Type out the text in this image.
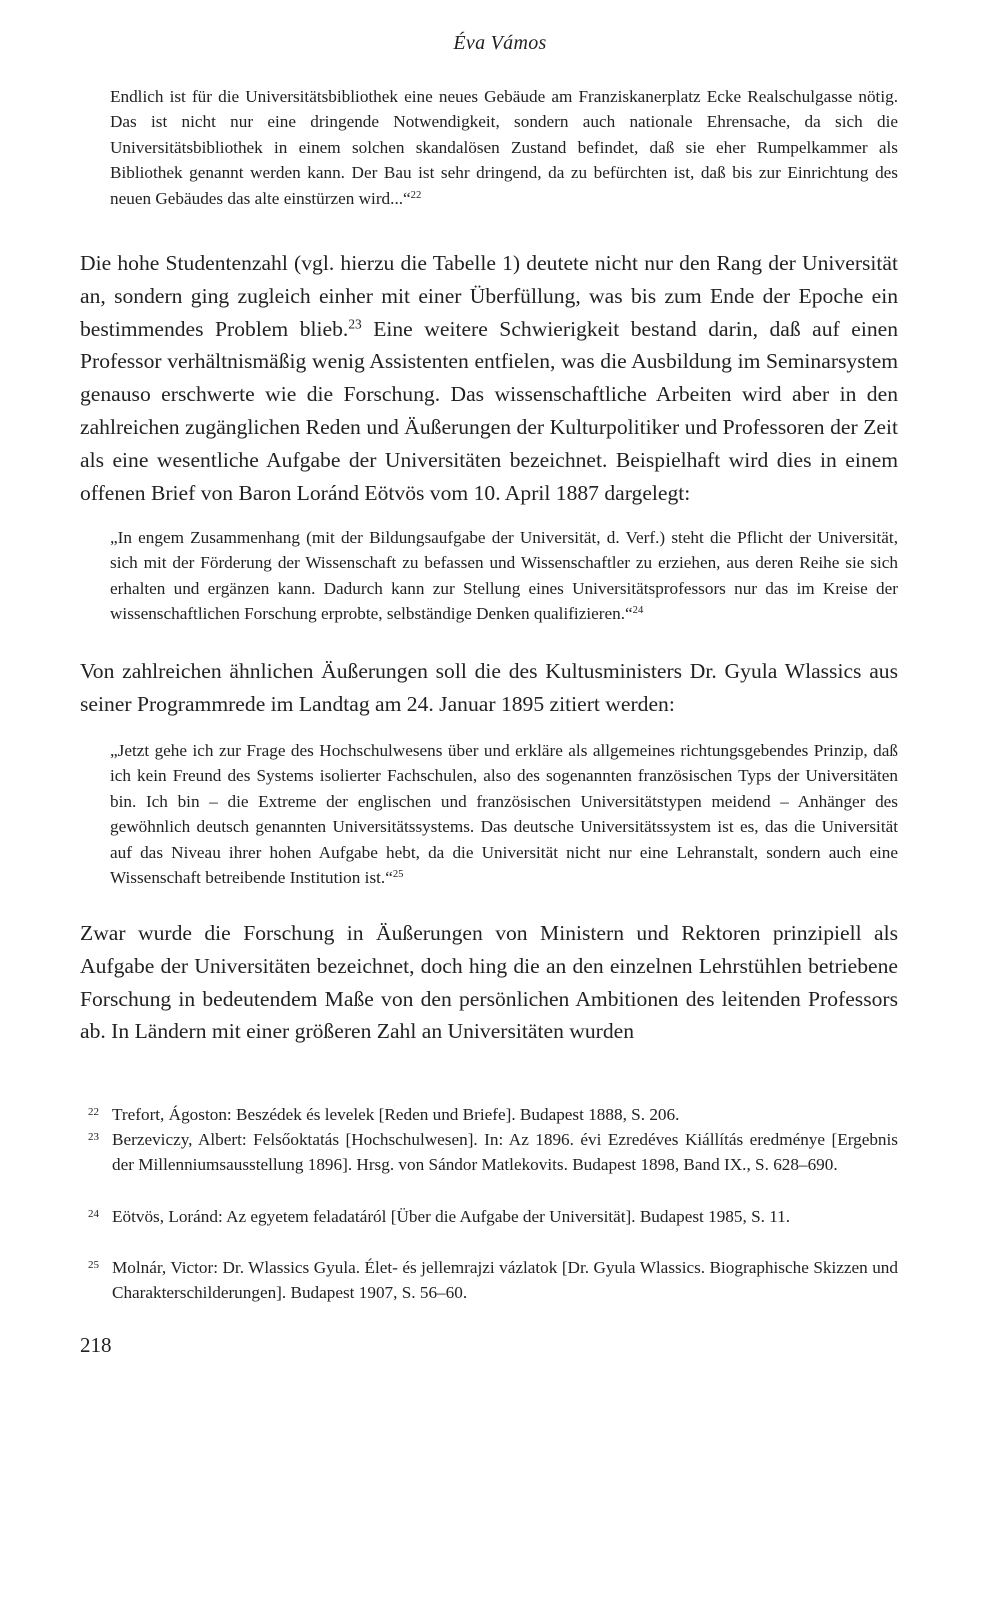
Éva Vámos
Endlich ist für die Universitätsbibliothek eine neues Gebäude am Franziskanerplatz Ecke Realschulgasse nötig. Das ist nicht nur eine dringende Notwendigkeit, sondern auch nationale Ehrensache, da sich die Universitätsbibliothek in einem solchen skandalösen Zustand befindet, daß sie eher Rumpelkammer als Bibliothek genannt werden kann. Der Bau ist sehr dringend, da zu befürchten ist, daß bis zur Einrichtung des neuen Gebäudes das alte einstürzen wird...“$^{22}$
Die hohe Studentenzahl (vgl. hierzu die Tabelle 1) deutete nicht nur den Rang der Universität an, sondern ging zugleich einher mit einer Überfüllung, was bis zum Ende der Epoche ein bestimmendes Problem blieb.$^{23}$ Eine weitere Schwierigkeit bestand darin, daß auf einen Professor verhältnismäßig wenig Assistenten entfielen, was die Ausbildung im Seminarsystem genauso erschwerte wie die Forschung. Das wissenschaftliche Arbeiten wird aber in den zahlreichen zugänglichen Reden und Äußerungen der Kulturpolitiker und Professoren der Zeit als eine wesentliche Aufgabe der Universitäten bezeichnet. Beispielhaft wird dies in einem offenen Brief von Baron Loránd Eötvös vom 10. April 1887 dargelegt:
„In engem Zusammenhang (mit der Bildungsaufgabe der Universität, d. Verf.) steht die Pflicht der Universität, sich mit der Förderung der Wissenschaft zu befassen und Wissenschaftler zu erziehen, aus deren Reihe sie sich erhalten und ergänzen kann. Dadurch kann zur Stellung eines Universitätsprofessors nur das im Kreise der wissenschaftlichen Forschung erprobte, selbständige Denken qualifizieren.“$^{24}$
Von zahlreichen ähnlichen Äußerungen soll die des Kultusministers Dr. Gyula Wlassics aus seiner Programmrede im Landtag am 24. Januar 1895 zitiert werden:
„Jetzt gehe ich zur Frage des Hochschulwesens über und erkläre als allgemeines richtungsgebendes Prinzip, daß ich kein Freund des Systems isolierter Fachschulen, also des sogenannten französischen Typs der Universitäten bin. Ich bin – die Extreme der englischen und französischen Universitätstypen meidend – Anhänger des gewöhnlich deutsch genannten Universitätssystems. Das deutsche Universitätssystem ist es, das die Universität auf das Niveau ihrer hohen Aufgabe hebt, da die Universität nicht nur eine Lehranstalt, sondern auch eine Wissenschaft betreibende Institution ist.“$^{25}$
Zwar wurde die Forschung in Äußerungen von Ministern und Rektoren prinzipiell als Aufgabe der Universitäten bezeichnet, doch hing die an den einzelnen Lehrstühlen betriebene Forschung in bedeutendem Maße von den persönlichen Ambitionen des leitenden Professors ab. In Ländern mit einer größeren Zahl an Universitäten wurden
22 Trefort, Ágoston: Beszédek és levelek [Reden und Briefe]. Budapest 1888, S. 206.
23 Berzeviczy, Albert: Felsőoktatás [Hochschulwesen]. In: Az 1896. évi Ezredéves Kiállítás eredménye [Ergebnis der Millenniumsausstellung 1896]. Hrsg. von Sándor Matlekovits. Budapest 1898, Band IX., S. 628–690.
24 Eötvös, Loránd: Az egyetem feladatáról [Über die Aufgabe der Universität]. Budapest 1985, S. 11.
25 Molnár, Victor: Dr. Wlassics Gyula. Élet- és jellemrajzi vázlatok [Dr. Gyula Wlassics. Biographische Skizzen und Charakterschilderungen]. Budapest 1907, S. 56–60.
218
